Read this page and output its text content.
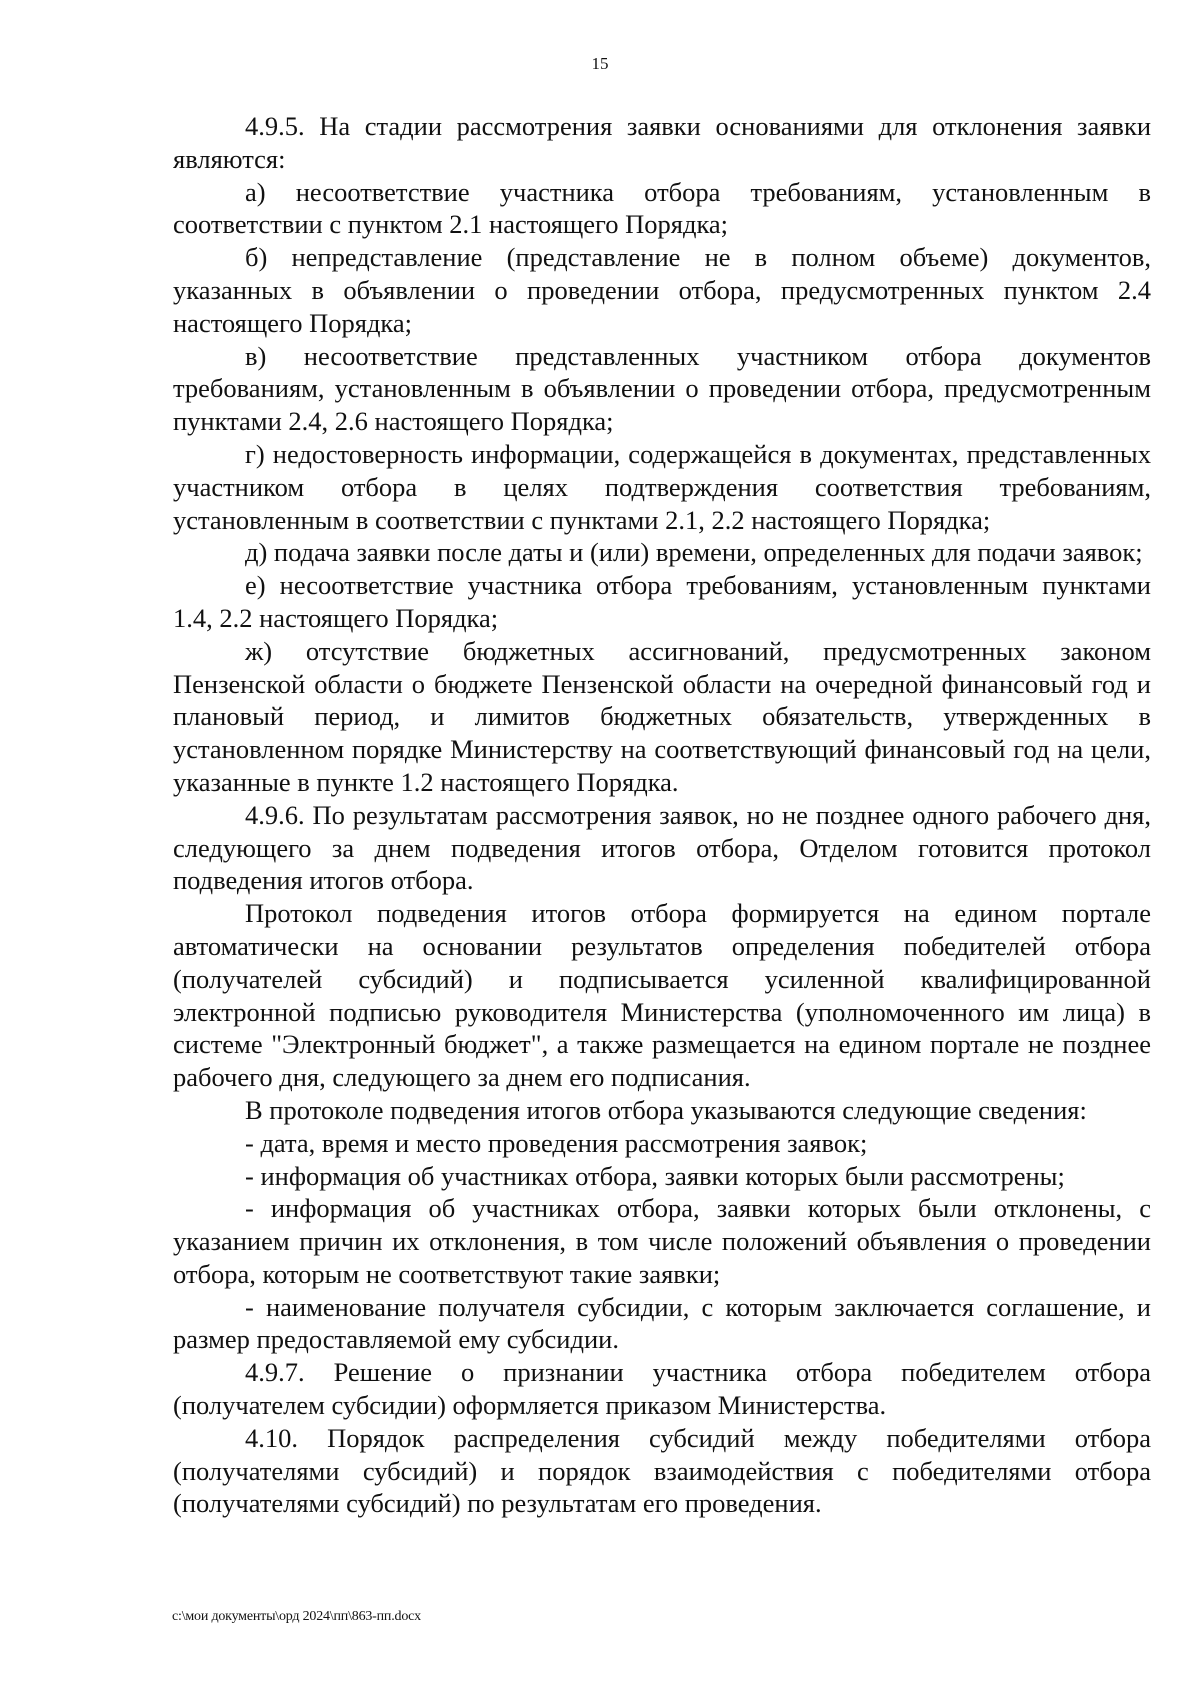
15

4.9.5. На стадии рассмотрения заявки основаниями для отклонения заявки являются:

а) несоответствие участника отбора требованиям, установленным в соответствии с пунктом 2.1 настоящего Порядка;

б) непредставление (представление не в полном объеме) документов, указанных в объявлении о проведении отбора, предусмотренных пунктом 2.4 настоящего Порядка;

в) несоответствие представленных участником отбора документов требованиям, установленным в объявлении о проведении отбора, предусмотренным пунктами 2.4, 2.6 настоящего Порядка;

г) недостоверность информации, содержащейся в документах, представленных участником отбора в целях подтверждения соответствия требованиям, установленным в соответствии с пунктами 2.1, 2.2 настоящего Порядка;

д) подача заявки после даты и (или) времени, определенных для подачи заявок;

е) несоответствие участника отбора требованиям, установленным пунктами 1.4, 2.2 настоящего Порядка;

ж) отсутствие бюджетных ассигнований, предусмотренных законом Пензенской области о бюджете Пензенской области на очередной финансовый год и плановый период, и лимитов бюджетных обязательств, утвержденных в установленном порядке Министерству на соответствующий финансовый год на цели, указанные в пункте 1.2 настоящего Порядка.

4.9.6. По результатам рассмотрения заявок, но не позднее одного рабочего дня, следующего за днем подведения итогов отбора, Отделом готовится протокол подведения итогов отбора.

Протокол подведения итогов отбора формируется на едином портале автоматически на основании результатов определения победителей отбора (получателей субсидий) и подписывается усиленной квалифицированной электронной подписью руководителя Министерства (уполномоченного им лица) в системе "Электронный бюджет", а также размещается на едином портале не позднее рабочего дня, следующего за днем его подписания.

В протоколе подведения итогов отбора указываются следующие сведения:

- дата, время и место проведения рассмотрения заявок;

- информация об участниках отбора, заявки которых были рассмотрены;

- информация об участниках отбора, заявки которых были отклонены, с указанием причин их отклонения, в том числе положений объявления о проведении отбора, которым не соответствуют такие заявки;

- наименование получателя субсидии, с которым заключается соглашение, и размер предоставляемой ему субсидии.

4.9.7. Решение о признании участника отбора победителем отбора (получателем субсидии) оформляется приказом Министерства.

4.10. Порядок распределения субсидий между победителями отбора (получателями субсидий) и порядок взаимодействия с победителями отбора (получателями субсидий) по результатам его проведения.

c:\мои документы\орд 2024\пп\863-пп.docx
